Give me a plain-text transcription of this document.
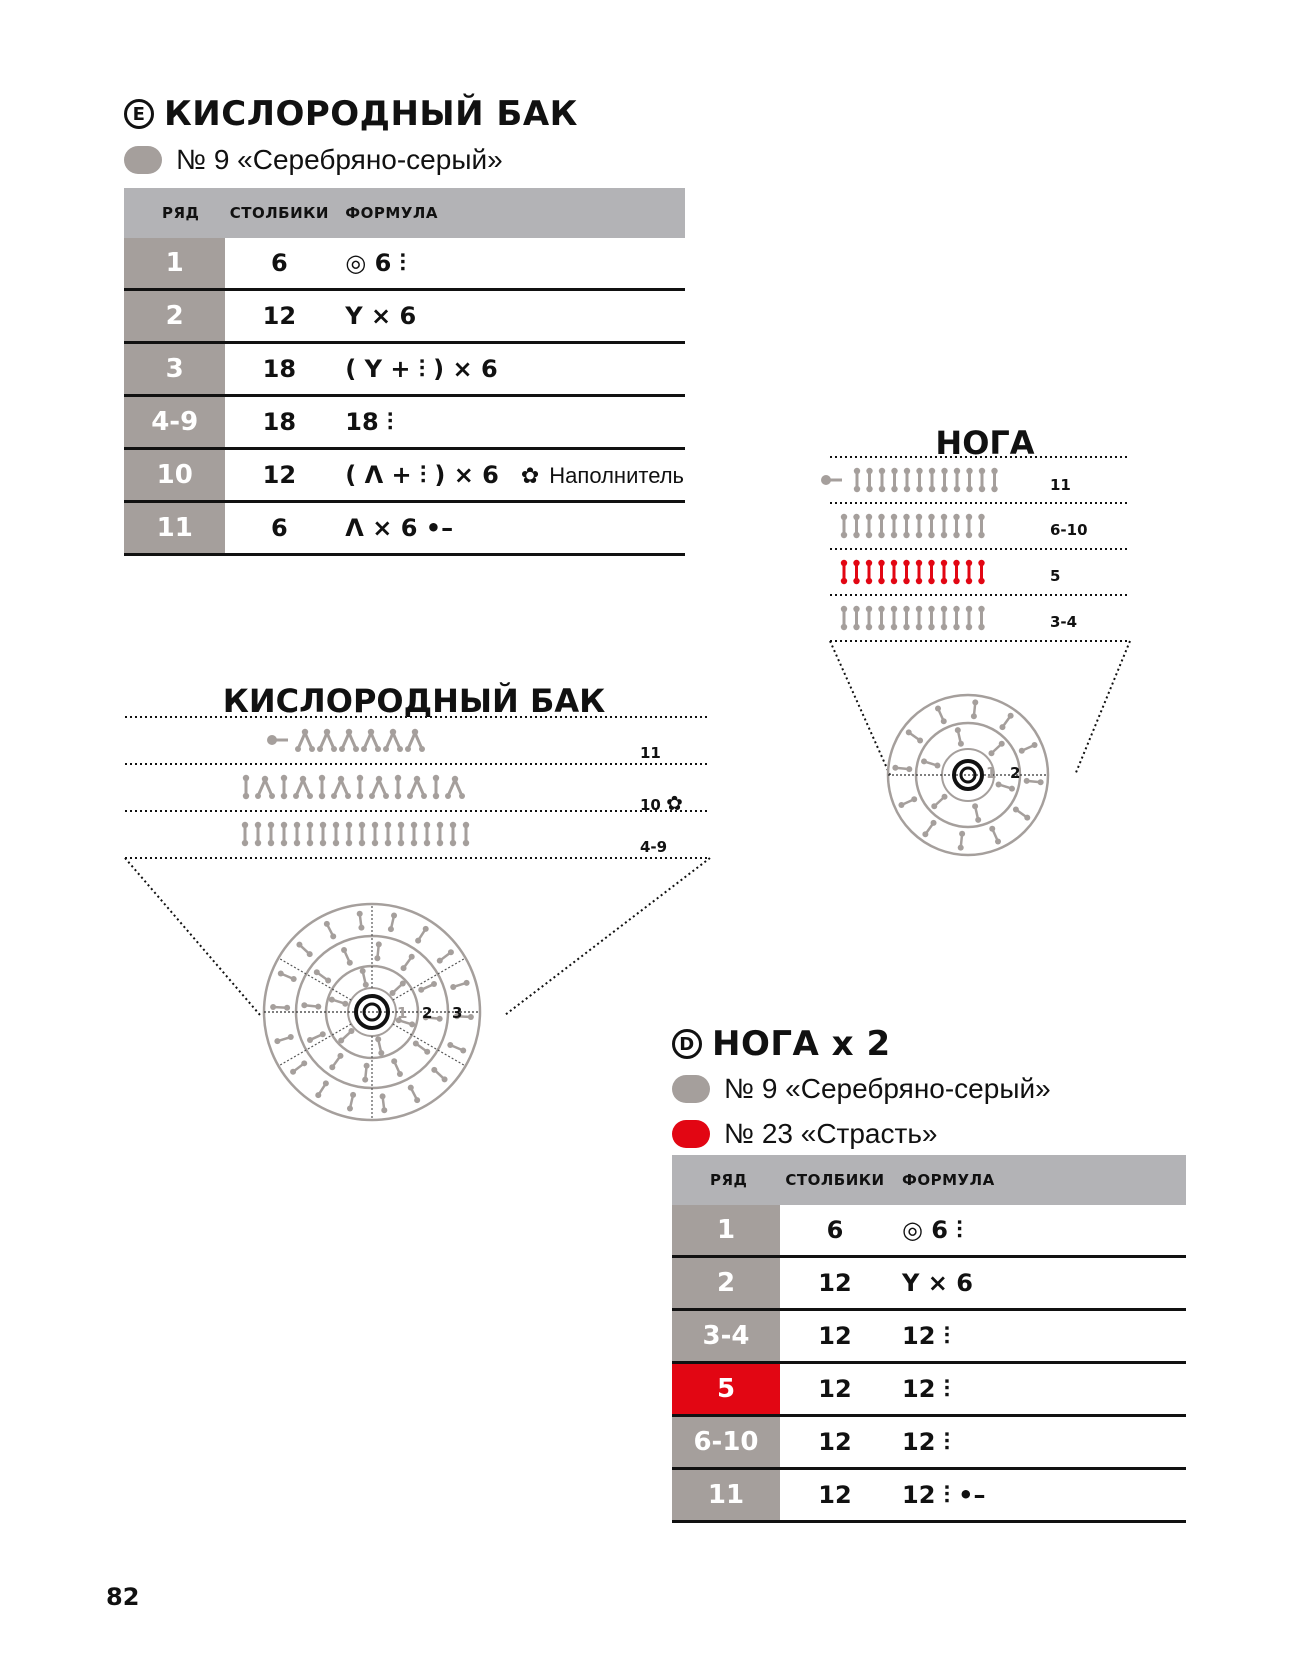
E КИСЛОРОДНЫЙ БАК
№ 9 «Серебряно-серый»
РЯД	СТОЛБИКИ	ФОРМУЛА
1	6	◎ 6 ⫶
2	12	Y × 6
3	18	( Y + ⫶ ) × 6
4-9	18	18 ⫶
10	12	( Λ + ⫶ ) × 6 ✿ Наполнитель
11	6	Λ × 6 •–
НОГА
11
6-10
5
3-4
1 2
КИСЛОРОДНЫЙ БАК
11
10 ✿
4-9
1 2 3
D НОГА x 2
№ 9 «Серебряно-серый»
№ 23 «Страсть»
РЯД	СТОЛБИКИ	ФОРМУЛА
1	6	◎ 6 ⫶
2	12	Y × 6
3-4	12	12 ⫶
5	12	12 ⫶
6-10	12	12 ⫶
11	12	12 ⫶ •–
82
